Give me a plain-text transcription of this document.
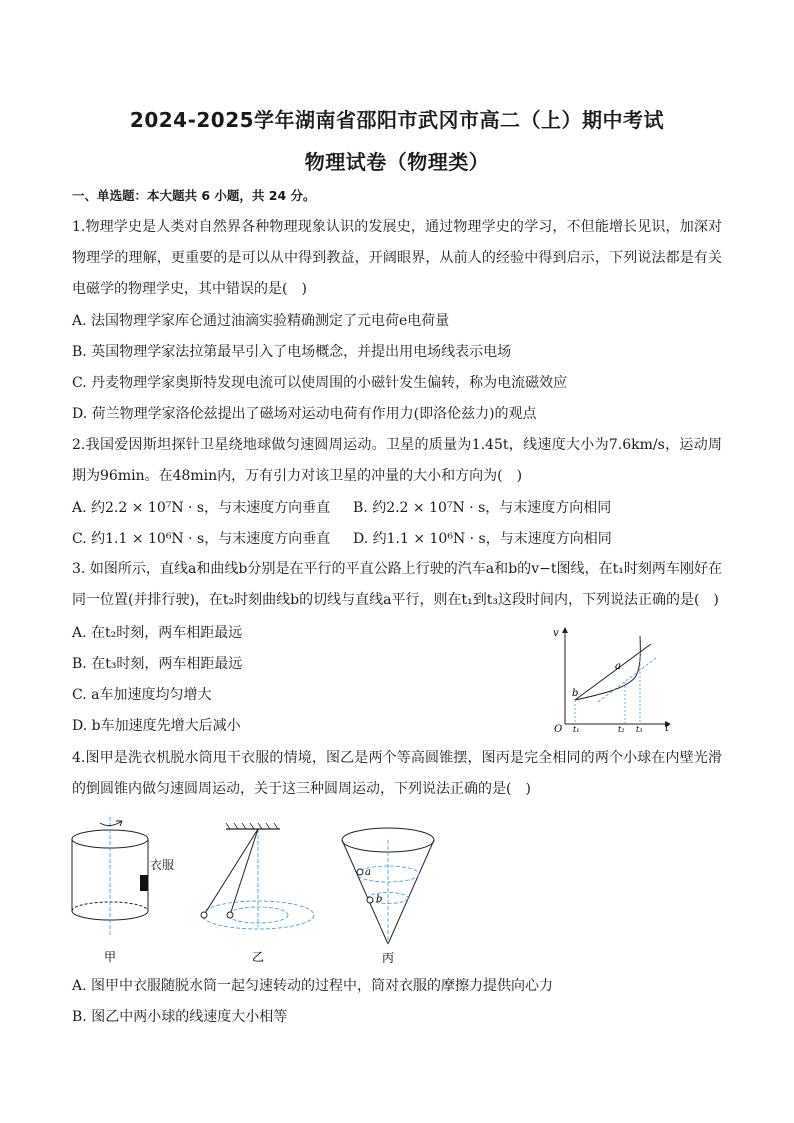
2024-2025学年湖南省邵阳市武冈市高二（上）期中考试
物理试卷（物理类）
一、单选题：本大题共 6 小题，共 24 分。
1.物理学史是人类对自然界各种物理现象认识的发展史，通过物理学史的学习，不但能增长见识，加深对物理学的理解，更重要的是可以从中得到教益，开阔眼界，从前人的经验中得到启示，下列说法都是有关电磁学的物理学史，其中错误的是(　)
A. 法国物理学家库仑通过油滴实验精确测定了元电荷e电荷量
B. 英国物理学家法拉第最早引入了电场概念，并提出用电场线表示电场
C. 丹麦物理学家奥斯特发现电流可以使周围的小磁针发生偏转，称为电流磁效应
D. 荷兰物理学家洛伦兹提出了磁场对运动电荷有作用力(即洛伦兹力)的观点
2.我国爱因斯坦探针卫星绕地球做匀速圆周运动。卫星的质量为1.45t，线速度大小为7.6km/s，运动周期为96min。在48min内，万有引力对该卫星的冲量的大小和方向为(　)
A. 约2.2 × 10⁷N · s，与末速度方向垂直 B. 约2.2 × 10⁷N · s，与末速度方向相同
C. 约1.1 × 10⁶N · s，与末速度方向垂直 D. 约1.1 × 10⁶N · s，与末速度方向相同
3. 如图所示，直线a和曲线b分别是在平行的平直公路上行驶的汽车a和b的v−t图线，在t₁时刻两车刚好在同一位置(并排行驶)，在t₂时刻曲线b的切线与直线a平行，则在t₁到t₃这段时间内，下列说法正确的是(　)
A. 在t₂时刻，两车相距最远
B. 在t₃时刻，两车相距最远
C. a车加速度均匀增大
D. b车加速度先增大后减小
v
t
O
a
b
t₁	t₂ t₃
4.图甲是洗衣机脱水筒甩干衣服的情境，图乙是两个等高圆锥摆，图丙是完全相同的两个小球在内壁光滑的倒圆锥内做匀速圆周运动，关于这三种圆周运动，下列说法正确的是(　)
甲
衣服
乙
a
b
丙
A. 图甲中衣服随脱水筒一起匀速转动的过程中，筒对衣服的摩擦力提供向心力
B. 图乙中两小球的线速度大小相等
